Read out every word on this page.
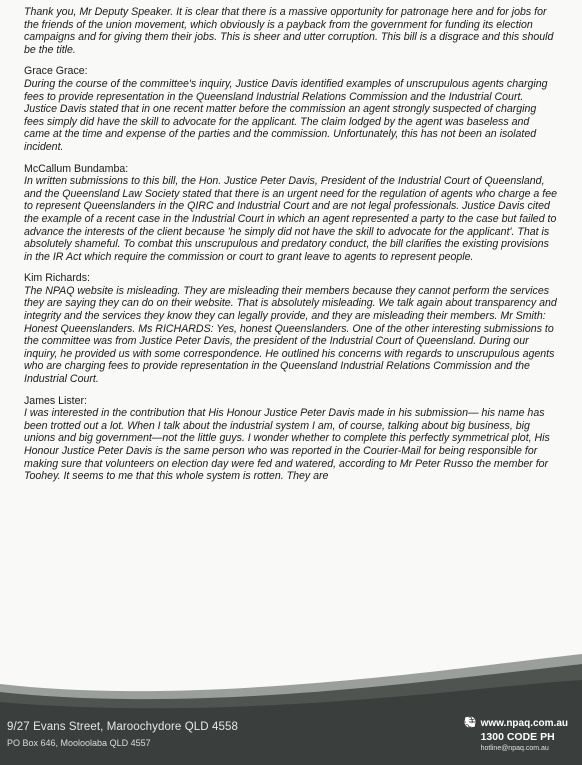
Thank you, Mr Deputy Speaker. It is clear that there is a massive opportunity for patronage here and for jobs for the friends of the union movement, which obviously is a payback from the government for funding its election campaigns and for giving them their jobs. This is sheer and utter corruption. This bill is a disgrace and this should be the title.

Grace Grace:

During the course of the committee's inquiry, Justice Davis identified examples of unscrupulous agents charging fees to provide representation in the Queensland Industrial Relations Commission and the Industrial Court. Justice Davis stated that in one recent matter before the commission an agent strongly suspected of charging fees simply did have the skill to advocate for the applicant. The claim lodged by the agent was baseless and came at the time and expense of the parties and the commission. Unfortunately, this has not been an isolated incident.

McCallum Bundamba:

In written submissions to this bill, the Hon. Justice Peter Davis, President of the Industrial Court of Queensland, and the Queensland Law Society stated that there is an urgent need for the regulation of agents who charge a fee to represent Queenslanders in the QIRC and Industrial Court and are not legal professionals. Justice Davis cited the example of a recent case in the Industrial Court in which an agent represented a party to the case but failed to advance the interests of the client because 'he simply did not have the skill to advocate for the applicant'. That is absolutely shameful. To combat this unscrupulous and predatory conduct, the bill clarifies the existing provisions in the IR Act which require the commission or court to grant leave to agents to represent people.

Kim Richards:

The NPAQ website is misleading. They are misleading their members because they cannot perform the services they are saying they can do on their website. That is absolutely misleading. We talk again about transparency and integrity and the services they know they can legally provide, and they are misleading their members. Mr Smith: Honest Queenslanders. Ms RICHARDS: Yes, honest Queenslanders. One of the other interesting submissions to the committee was from Justice Peter Davis, the president of the Industrial Court of Queensland. During our inquiry, he provided us with some correspondence. He outlined his concerns with regards to unscrupulous agents who are charging fees to provide representation in the Queensland Industrial Relations Commission and the Industrial Court.

James Lister:

I was interested in the contribution that His Honour Justice Peter Davis made in his submission— his name has been trotted out a lot. When I talk about the industrial system I am, of course, talking about big business, big unions and big government—not the little guys. I wonder whether to complete this perfectly symmetrical plot, His Honour Justice Peter Davis is the same person who was reported in the Courier-Mail for being responsible for making sure that volunteers on election day were fed and watered, according to Mr Peter Russo the member for Toohey. It seems to me that this whole system is rotten. They are

9/27 Evans Street, Maroochydore QLD 4558
PO Box 646, Mooloolaba QLD 4557
www.npaq.com.au
1300 CODE PH
hotline@npaq.com.au
